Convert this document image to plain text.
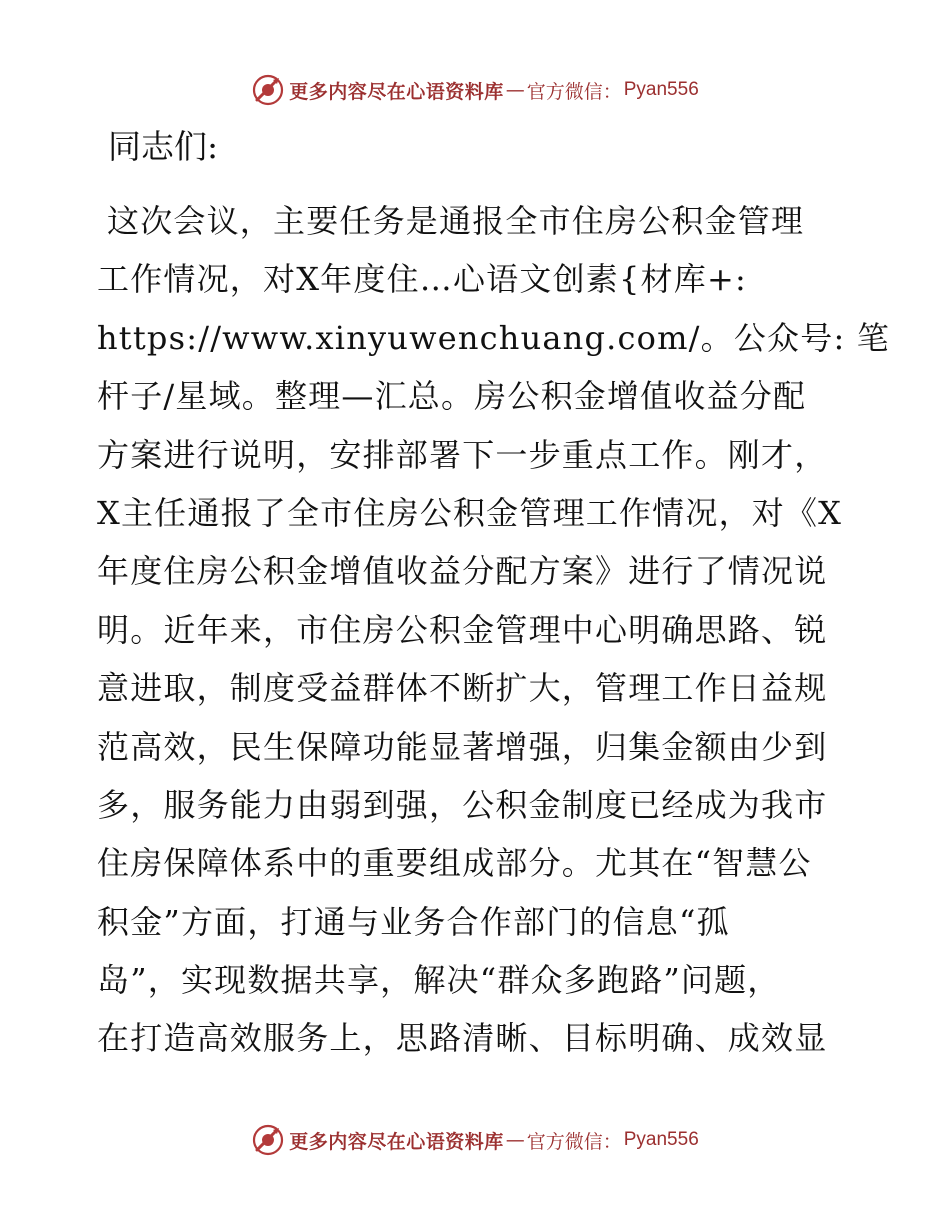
更多内容尽在心语资料库 — 官方微信： Pyan556
同志们:
这次会议，主要任务是通报全市住房公积金管理
工作情况，对X年度住…心语文创素{材库+:
https://www.xinyuwenchuang.com/。公众号: 笔
杆子/星域。整理—汇总。房公积金增值收益分配
方案进行说明，安排部署下一步重点工作。刚才，
X主任通报了全市住房公积金管理工作情况，对《X
年度住房公积金增值收益分配方案》进行了情况说
明。近年来，市住房公积金管理中心明确思路、锐
意进取，制度受益群体不断扩大，管理工作日益规
范高效，民生保障功能显著增强，归集金额由少到
多，服务能力由弱到强，公积金制度已经成为我市
住房保障体系中的重要组成部分。尤其在“智慧公
积金”方面，打通与业务合作部门的信息“孤
岛”，实现数据共享，解决“群众多跑路”问题，
在打造高效服务上，思路清晰、目标明确、成效显
更多内容尽在心语资料库 — 官方微信： Pyan556
